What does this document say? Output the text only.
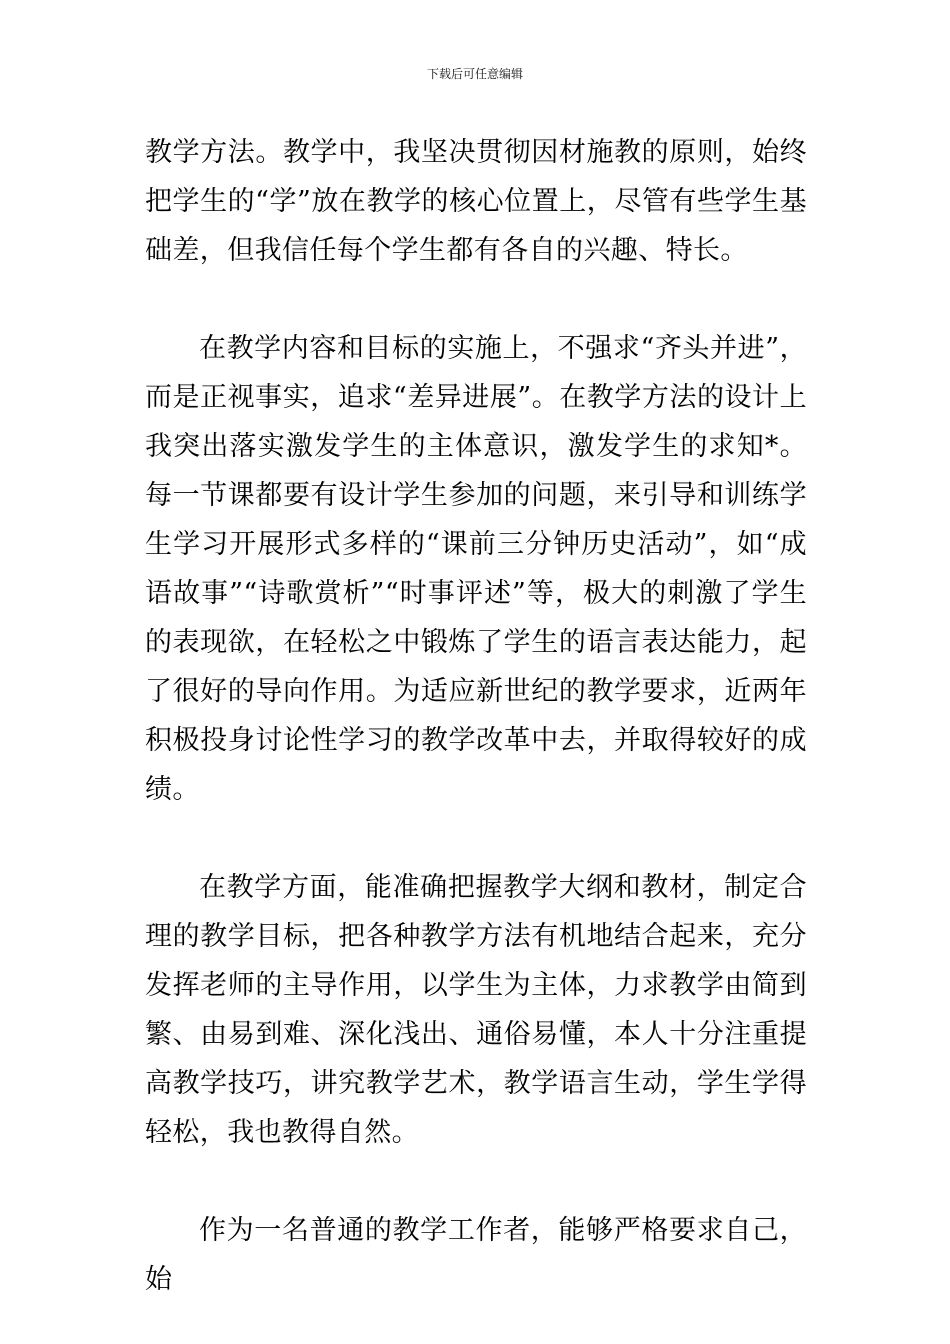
下载后可任意编辑

教学方法。教学中，我坚决贯彻因材施教的原则，始终把学生的“学”放在教学的核心位置上，尽管有些学生基础差，但我信任每个学生都有各自的兴趣、特长。

在教学内容和目标的实施上，不强求“齐头并进”，而是正视事实，追求“差异进展”。在教学方法的设计上我突出落实激发学生的主体意识，激发学生的求知*。每一节课都要有设计学生参加的问题，来引导和训练学生学习开展形式多样的“课前三分钟历史活动”，如“成语故事”“诗歌赏析”“时事评述”等，极大的刺激了学生的表现欲，在轻松之中锻炼了学生的语言表达能力，起了很好的导向作用。为适应新世纪的教学要求，近两年积极投身讨论性学习的教学改革中去，并取得较好的成绩。

在教学方面，能准确把握教学大纲和教材，制定合理的教学目标，把各种教学方法有机地结合起来，充分发挥老师的主导作用，以学生为主体，力求教学由简到繁、由易到难、深化浅出、通俗易懂，本人十分注重提高教学技巧，讲究教学艺术，教学语言生动，学生学得轻松，我也教得自然。

作为一名普通的教学工作者，能够严格要求自己，始
